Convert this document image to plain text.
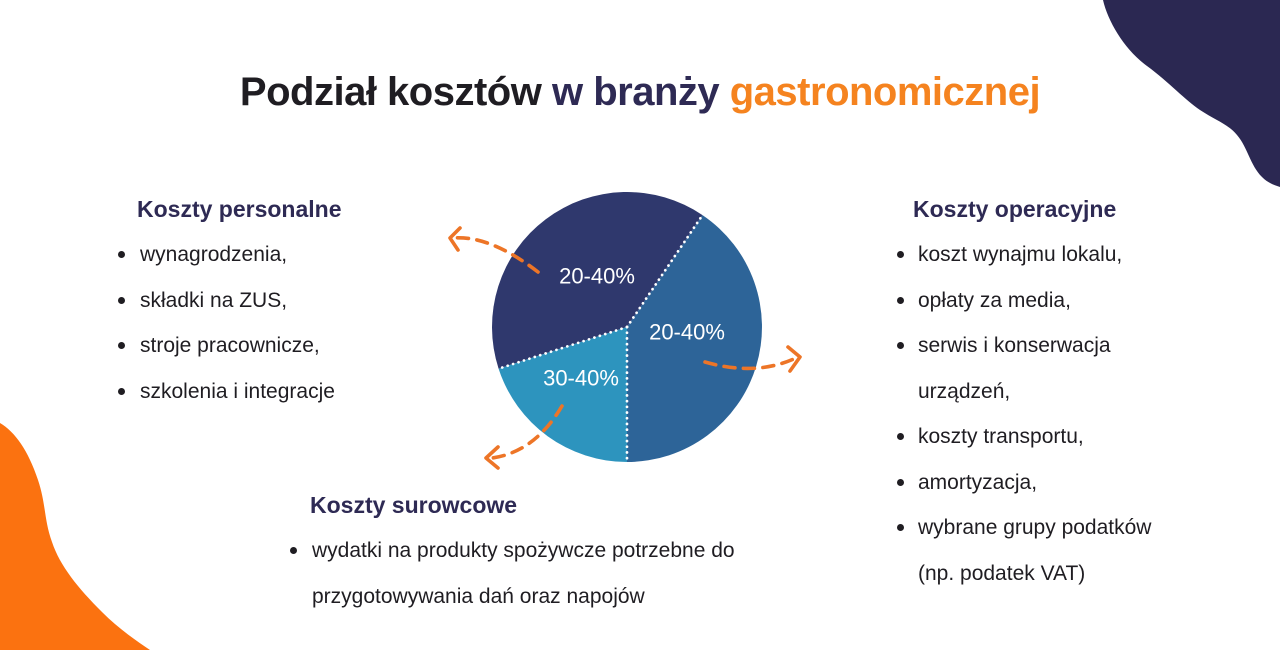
Podział kosztów w branży gastronomicznej
Koszty personalne
wynagrodzenia,
składki na ZUS,
stroje pracownicze,
szkolenia i integracje
Koszty operacyjne
koszt wynajmu lokalu,
opłaty za media,
serwis i konserwacja
urządzeń,
koszty transportu,
amortyzacja,
wybrane grupy podatków
(np. podatek VAT)
Koszty surowcowe
wydatki na produkty spożywcze potrzebne do
przygotowywania dań oraz napojów
20-40%
20-40%
30-40%
